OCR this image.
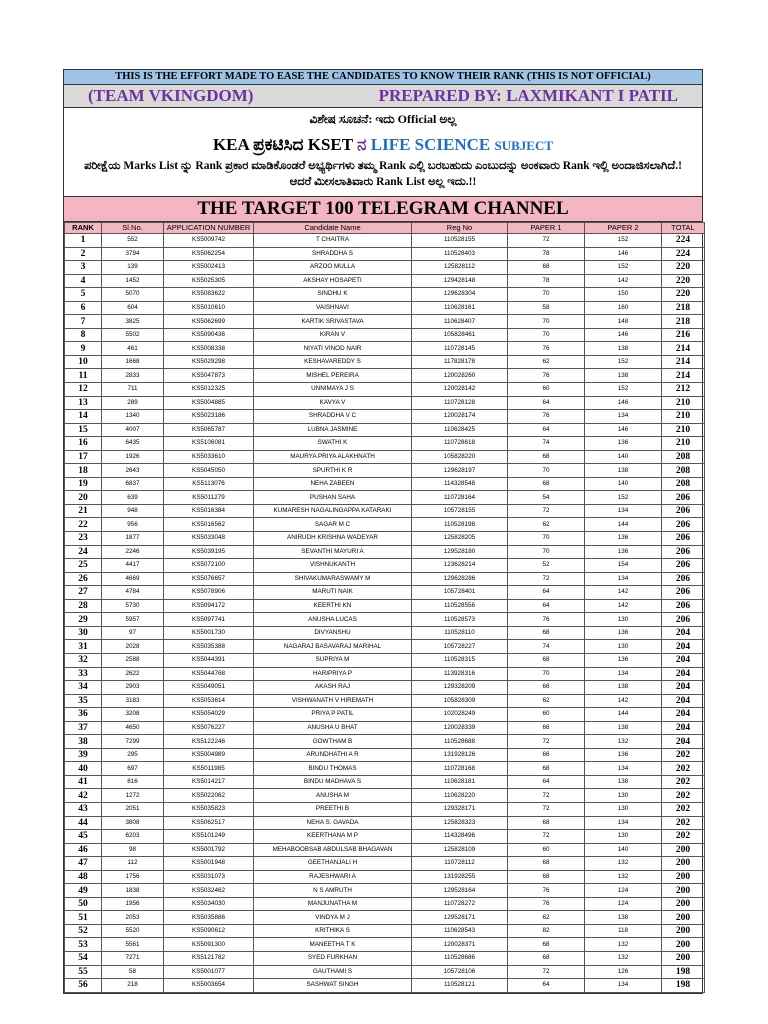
THIS IS THE EFFORT MADE TO EASE THE CANDIDATES TO KNOW THEIR RANK (THIS IS NOT OFFICIAL)
(TEAM VKINGDOM)	PREPARED BY: LAXMIKANT I PATIL
ವಿಶೇಷ ಸೂಚನೆ: ಇದು Official ಅಲ್ಲ
KEA ಪ್ರಕಟಿಸಿದ KSET ನ LIFE SCIENCE SUBJECT
ಪರೀಕ್ಷೆಯ Marks List ನ್ನು Rank ಪ್ರಕಾರ ಮಾಡಿಕೊಂಡರೆ ಅಭ್ಯರ್ಥಿಗಳು ತಮ್ಮ Rank ಎಲ್ಲಿ ಬರಬಹುದು ಎಂಬುದನ್ನು ಅಂಕವಾರು Rank ಇಲ್ಲಿ ಅಂದಾಜಿಸಲಾಗಿದೆ.!
ಆದರೆ ಮೀಸಲಾತಿವಾರು Rank List ಅಲ್ಲ ಇದು.!!
THE TARGET 100 TELEGRAM CHANNEL
RANK	Sl.No.	APPLICATION NUMBER	Candidate Name	Reg No	PAPER 1	PAPER 2	TOTAL
1	552	KS5009742	T CHAITRA	110528155	72	152	224
2	3794	KS5062254	SHRADDHA S	110528403	78	146	224
3	139	KS5002413	ARZOO MULLA	125828112	68	152	220
4	1452	KS5025305	AKSHAY HOSAPETI	129428148	78	142	220
5	5070	KS5083622	SINDHU K	129628304	70	150	220
6	604	KS5010610	VAISHNAVI	110628161	58	160	218
7	3825	KS5062699	KARTIK SRIVASTAVA	110628407	70	148	218
8	5502	KS5090436	KIRAN V	105828461	70	146	216
9	461	KS5008338	NIYATI VINOD NAIR	110728145	76	138	214
10	1668	KS5029298	KESHAVAREDDY S	117828178	62	152	214
11	2833	KS5047873	MISHEL PEREIRA	120028260	76	138	214
12	711	KS5012325	UNNIMAYA J S	120028142	60	152	212
13	289	KS5004885	KAVYA V	110728128	64	146	210
14	1340	KS5023186	SHRADDHA V C	120028174	76	134	210
15	4007	KS5065787	LUBNA JASMINE	110628425	64	146	210
16	6435	KS5106081	SWATHI K	110728618	74	136	210
17	1926	KS5033610	MAURYA PRIYA ALAKHNATH	105828220	68	140	208
18	2643	KS5045050	SPURTHI K R	129628197	70	138	208
19	6837	KS5113076	NEHA ZABEEN	114328548	68	140	208
20	639	KS5011279	PUSHAN SAHA	110728164	54	152	206
21	948	KS5016384	KUMARESH NAGALINGAPPA KATARAKI	105728155	72	134	206
22	956	KS5016562	SAGAR M C	110528198	62	144	206
23	1877	KS5033048	ANIRUDH KRISHNA WADEYAR	125828205	70	136	206
24	2246	KS5039195	SEVANTHI MAYURI A	129528180	70	136	206
25	4417	KS5072100	VISHNUKANTH	123628214	52	154	206
26	4669	KS5076657	SHIVAKUMARASWAMY M	129628286	72	134	206
27	4784	KS5078906	MARUTI NAIK	105728401	64	142	206
28	5730	KS5094172	KEERTHI KN	110528556	64	142	206
29	5957	KS5097741	ANUSHA LUCAS	110528573	76	130	206
30	97	KS5001730	DIVYANSHU	110528110	68	136	204
31	2028	KS5035388	NAGARAJ BASAVARAJ MARIHAL	105728227	74	130	204
32	2588	KS5044391	SUPRIYA M	110528315	68	136	204
33	2622	KS5044768	HARIPRIYA P	113928316	70	134	204
34	2903	KS5049051	AKASH RAJ	129328209	66	138	204
35	3183	KS5053614	VISHWANATH V HIREMATH	105828309	62	142	204
36	3208	KS5054029	PRIYA P PATIL	102028249	60	144	204
37	4650	KS5076227	ANUSHA U BHAT	120028339	66	138	204
38	7299	KS5122246	GOWTHAM B	110528688	72	132	204
39	295	KS5004989	ARUNDHATHI A R	131928126	66	136	202
40	697	KS5011985	BINDU THOMAS	110728168	68	134	202
41	816	KS5014217	BINDU MADHAVA S	110628181	64	138	202
42	1272	KS5022062	ANUSHA M	110628220	72	130	202
43	2051	KS5035823	PREETHI B	129328171	72	130	202
44	3808	KS5062517	NEHA S. GAVADA	125828323	68	134	202
45	6203	KS5101249	KEERTHANA M P	114328496	72	130	202
46	98	KS5001792	MEHABOOBSAB ABDULSAB BHAGAVAN	125828109	60	140	200
47	112	KS5001948	GEETHANJALI H	110728112	68	132	200
48	1756	KS5031073	RAJESHWARI A	131928255	68	132	200
49	1838	KS5032462	N S AMRUTH	129528164	76	124	200
50	1956	KS5034030	MANJUNATHA M	110728272	76	124	200
51	2053	KS5035886	VINDYA M J	129528171	62	138	200
52	5520	KS5090612	KRITHIKA S	110628543	82	118	200
53	5561	KS5091300	MANEETHA T K	120028371	68	132	200
54	7271	KS5121782	SYED FURKHAN	110528686	68	132	200
55	58	KS5001077	GAUTHAMI S	105728106	72	126	198
56	218	KS5003654	SASHWAT SINGH	110528121	64	134	198
